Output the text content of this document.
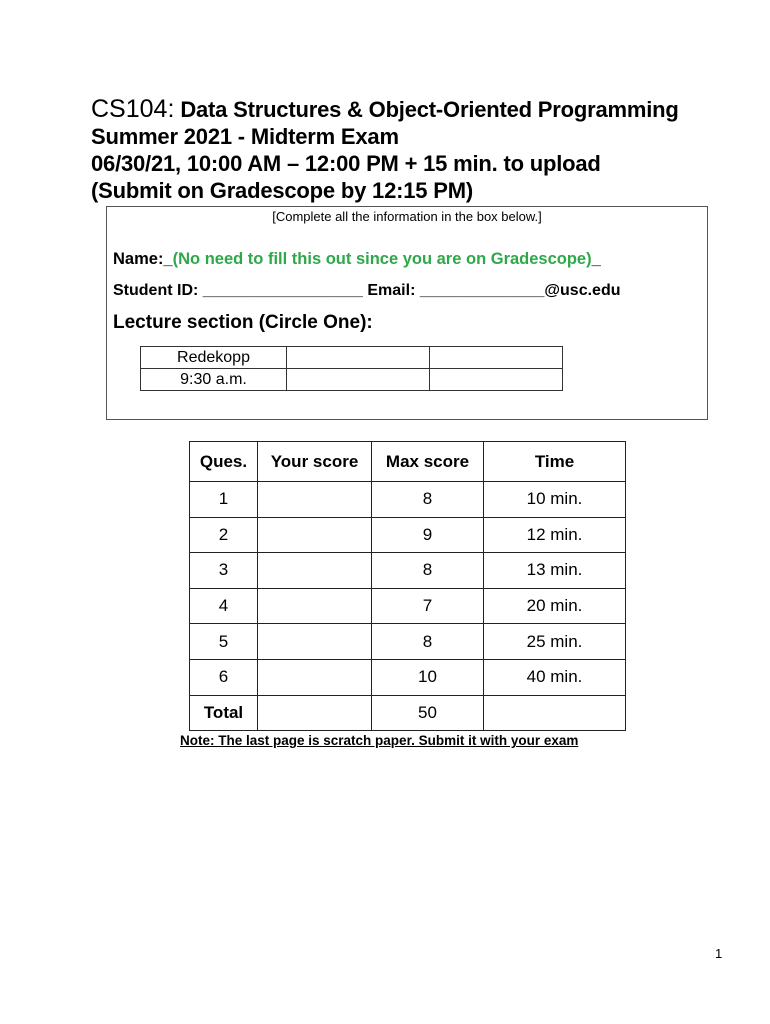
CS104: Data Structures & Object-Oriented Programming
Summer 2021 - Midterm Exam
06/30/21, 10:00 AM – 12:00 PM + 15 min. to upload
(Submit on Gradescope by 12:15 PM)
[Complete all the information in the box below.]
Name:_(No need to fill this out since you are on Gradescope)_
Student ID: __________________ Email: ______________@usc.edu
Lecture section (Circle One):
Redekopp		
9:30 a.m.		
Ques.	Your score	Max score	Time
1		8	10 min.
2		9	12 min.
3		8	13 min.
4		7	20 min.
5		8	25 min.
6		10	40 min.
Total		50	
Note: The last page is scratch paper. Submit it with your exam
1
